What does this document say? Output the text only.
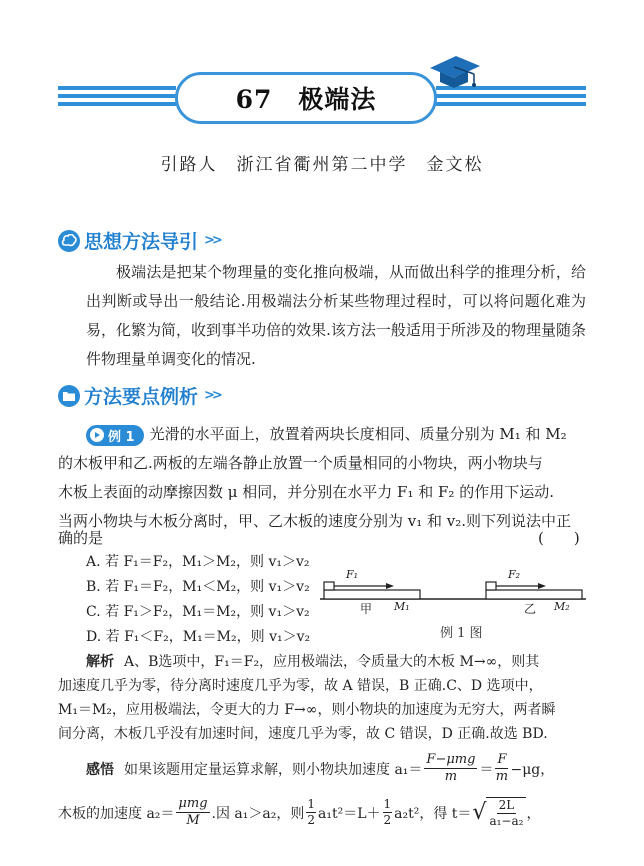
67　极端法
引路人　浙江省衢州第二中学　金文松
思想方法导引 >>
极端法是把某个物理量的变化推向极端，从而做出科学的推理分析，给出判断或导出一般结论.用极端法分析某些物理过程时，可以将问题化难为易，化繁为简，收到事半功倍的效果.该方法一般适用于所涉及的物理量随条件物理量单调变化的情况.
方法要点例析 >>
例 1 光滑的水平面上，放置着两块长度相同、质量分别为 M₁ 和 M₂
的木板甲和乙.两板的左端各静止放置一个质量相同的小物块，两小物块与
木板上表面的动摩擦因数 μ 相同，并分别在水平力 F₁ 和 F₂ 的作用下运动.
当两小物块与木板分离时，甲、乙木板的速度分别为 v₁ 和 v₂.则下列说法中正
确的是	(　　)
A. 若 F₁＝F₂，M₁＞M₂，则 v₁＞v₂
B. 若 F₁＝F₂，M₁＜M₂，则 v₁＞v₂
C. 若 F₁＞F₂，M₁＝M₂，则 v₁＞v₂
D. 若 F₁＜F₂，M₁＝M₂，则 v₁＞v₂
F₁	F₂
甲 M₁	乙 M₂
例 1 图
解析 A、B选项中，F₁＝F₂，应用极端法，令质量大的木板 M→∞，则其
加速度几乎为零，待分离时速度几乎为零，故 A 错误，B 正确.C、D 选项中，
M₁＝M₂，应用极端法，令更大的力 F→∞，则小物块的加速度为无穷大，两者瞬
间分离，木板几乎没有加速时间，速度几乎为零，故 C 错误，D 正确.故选 BD.
感悟 如果该题用定量运算求解，则小物块加速度 a₁＝
F−μmg
$m = \frac{F}{m} -\mu g$，
木板的加速度 a₂＝
μmg
M .因 a₁＞a₂，则 $\frac{1}{2} a_1t^2=L+ \frac{1}{2} a_2t^2$，得 t＝ √ $\frac{2L}{\text{a₁−a₂}}$ ，
